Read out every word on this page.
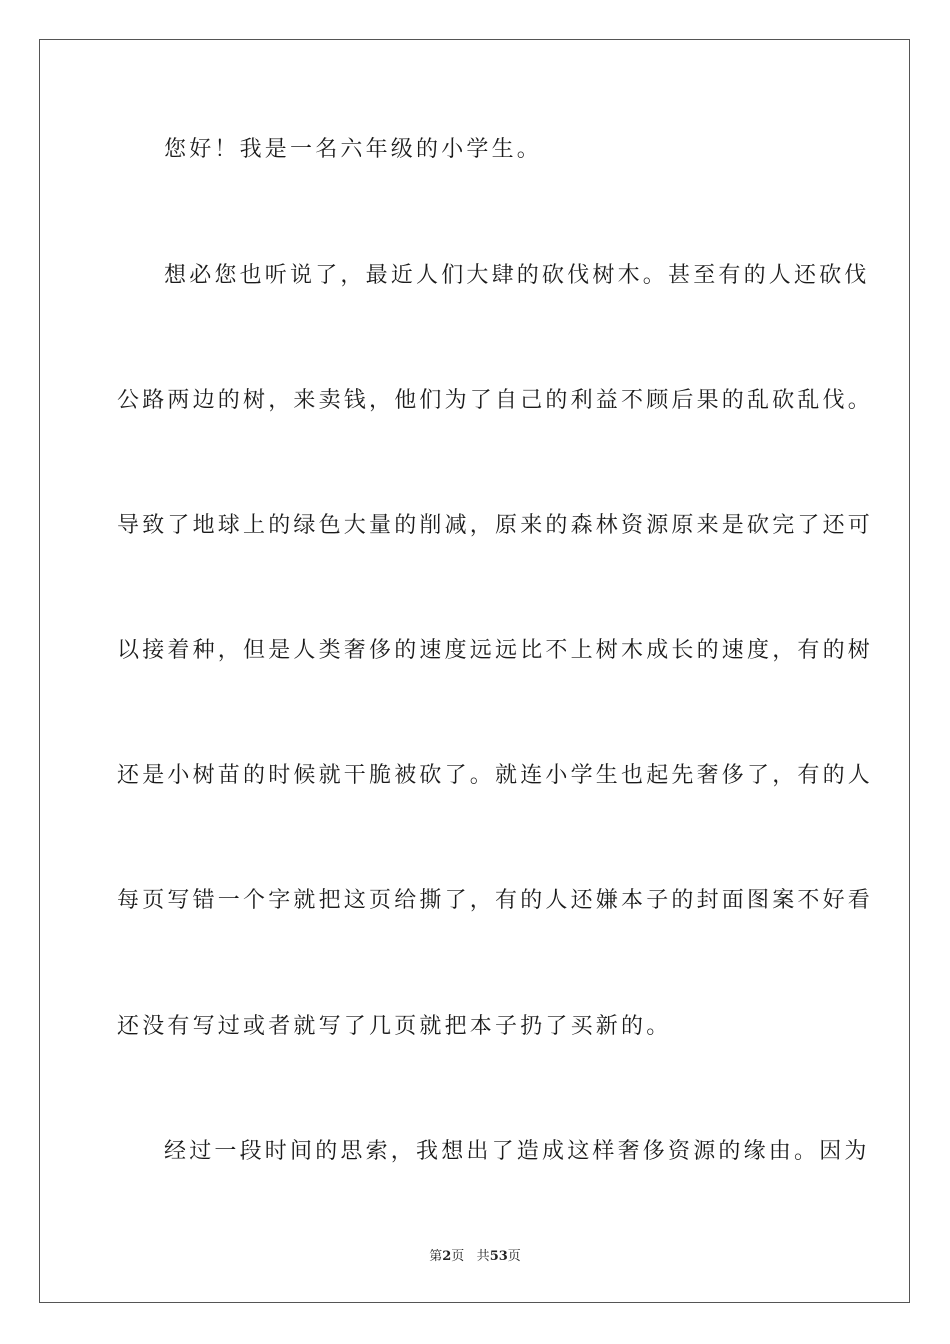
您好！我是一名六年级的小学生。
想必您也听说了，最近人们大肆的砍伐树木。甚至有的人还砍伐
公路两边的树，来卖钱，他们为了自己的利益不顾后果的乱砍乱伐。
导致了地球上的绿色大量的削减，原来的森林资源原来是砍完了还可
以接着种，但是人类奢侈的速度远远比不上树木成长的速度，有的树
还是小树苗的时候就干脆被砍了。就连小学生也起先奢侈了，有的人
每页写错一个字就把这页给撕了，有的人还嫌本子的封面图案不好看
还没有写过或者就写了几页就把本子扔了买新的。
经过一段时间的思索，我想出了造成这样奢侈资源的缘由。因为
第2页 共53页
